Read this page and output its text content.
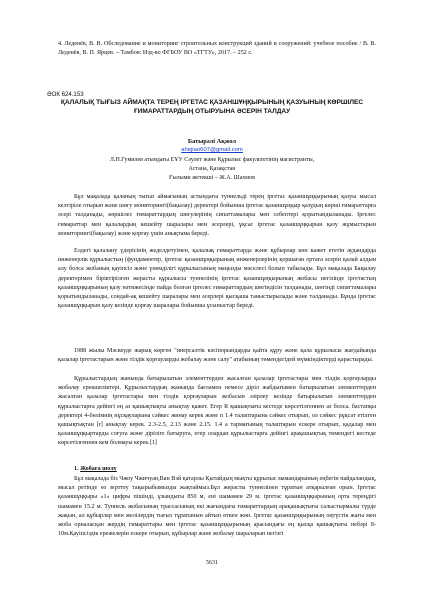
4. Леденёв, В. В. Обследование и мониторинг строительных конструкций зданий и сооружений: учебное пособие / В. В. Леденёв, В. П. Ярцев. – Тамбов: Изд-во ФГБОУ ВО «ТГТУ», 2017. – 252 с.
ӘОК 624.153
ҚАЛАЛЫҚ ТЫҒЫЗ АЙМАҚТА ТЕРЕҢ ІРГЕТАС ҚАЗАНШҰҢҚЫРЫНЫҢ ҚАЗУЫНЫҢ КӨРШІЛЕС ҒИМАРАТТАРДЫҢ ОТЫРУЫНА ӘСЕРІН ТАЛДАУ
Батырәлі Ақжол
ahejiao607@gmail.com
Л.Н.Гумилев атындағы ЕҰУ Сәулет және Құрылыс факультетінің магистранты,
Астана, Қазақстан
Ғылыми жетекші – Ж.А. Шахмов
Бұл мақалада қаланың тығыз аймағының астындағы туннельді терең іргетас қазаншұңқырының қазуы мысал келтіріле отырып және шөгу мониторингі(бақылау) деректері бойынша іргетас қазаншұңқыр қазудың көрші ғимараттарға әсері талданады, көршілес ғимараттардың шөгулерінің сипаттамалары мен себептері қорытындыланады. Іргелес ғимараттар мен қалалардың кешейту шаралары мен әсерлері, ұқсас іргетас қазаншұңқырын қазу жұмыстарын мониторингі(бақылау) және қорғау үшін анықтама береді.
Елдегі қалалану үдерісінің жеделдетуімен, қалалық ғимараттарда және құбырлар көп кажет ететін аудандарда инженерлік құрылыстың (фундаментер, іргетас қазаншұңқырының инженерлерінің қоршаған ортаға әсерін қалай алдын алу болса жобаның қауіпсіз және үнемділігі құрылысының маңызды мәселесі болып табылады. Бұл мақалада Бақылау деректерімен біріктірілген жерасты құрылысы туннелінің іргетас қазаншұңқырының жобасы негізінде іргетастың қазаншұңқырының қазу нәтижесінде пайда болған іргелес ғимараттардың шөгіндісін талданады, шөгінді сипаттамалары қорытындыланады, сондай-ақ кешейту шаралары мен әсерлері қысқаша таныстырылады және талданады. Бұнда іргетас қазаншұңқырын қазу кезінде қорғау шаралары бойынша ұсыныстар береді.
1988 жылы Мәскеуде жарық көрген "инерсалтік кәсіпорындарды қайта құру және қала құрылысы жағдайында қалалар іргетастарын және тілдік қорғауларды жобалау және салу" атабының төмендегідей мүмкіндіктерді қарастырады.
Құрылыстардың жанында батырылатын элементтерден жасалған қалалар іргетастары мен тілдік қорғауларды жобалау ерекшеліктері. Құрылыстардың жанында бағламен немесе діріл жабдығымен батырылатын элементтерден жасалған қалалар іргетастары мен тілдік қорғауларын жобасын әзірлеу кезінде батырылатын элементтерден құрылыстарға дейінгі ең аз қашықтықты анықтау қажет. Егер R қашықтығы кестеде көрсетілгеннен аз болса. бастапқы деректері 4-бөлімнің нұсқауларына сәйкес жинау керек және п 1.4 талаптарына сәйкес отырып, ол сәйкес рұқсат етілген қашықтықтан [r] анықтау керек. 2.3-2.5, 2.13 және 2.15. 1.4 а тармағының талаптарын ескере отырып, қадалар мен қазаншұңқыртарды соғуға және діріліге батыруға, егер олардан құрылыстарға дейінгі арақашықтық төмендегі кестеде көрсетілгеннен кем болмауы керек.[1]
1. Жобаға шолу
Бұл мақалада біз Чжоу Чжичуан,Ван Вэй қатарлы Қытайдың мықты құрылыс мамандарының еңбегін пайдаландық, мысал ретінде өз зерттеу тақырыбымызды жақтаймыз.Бұл жерасты туннелінен тұратын атқарылған орын. Іргетас қазаншұңқыры «1» цифры пішінді, ұзындығы 850 м, ені шамамен 29 м. іргетас қазаншұңқырының орта тереңдігі шамамен 15.2 м. Туннель жобасының трассасының екі жағындағы ғимараттардың арақашықтығы салыстырмалы түрде жақын, ал құбырлар мен желілердің тығыз тұратынын айтып өткен жөн. Іргетас қазаншұңқырының оңтүстік жағы мен жоба орналасқан жердің ғимараттары мен іргетас қазаншұңқырының арасындағы ең қысқа қашықтығы небәрі 8-10м.Қауіпсіздік ережелерін ескере отырып, құбырлар және жобалау шараларын негізгі
5631
